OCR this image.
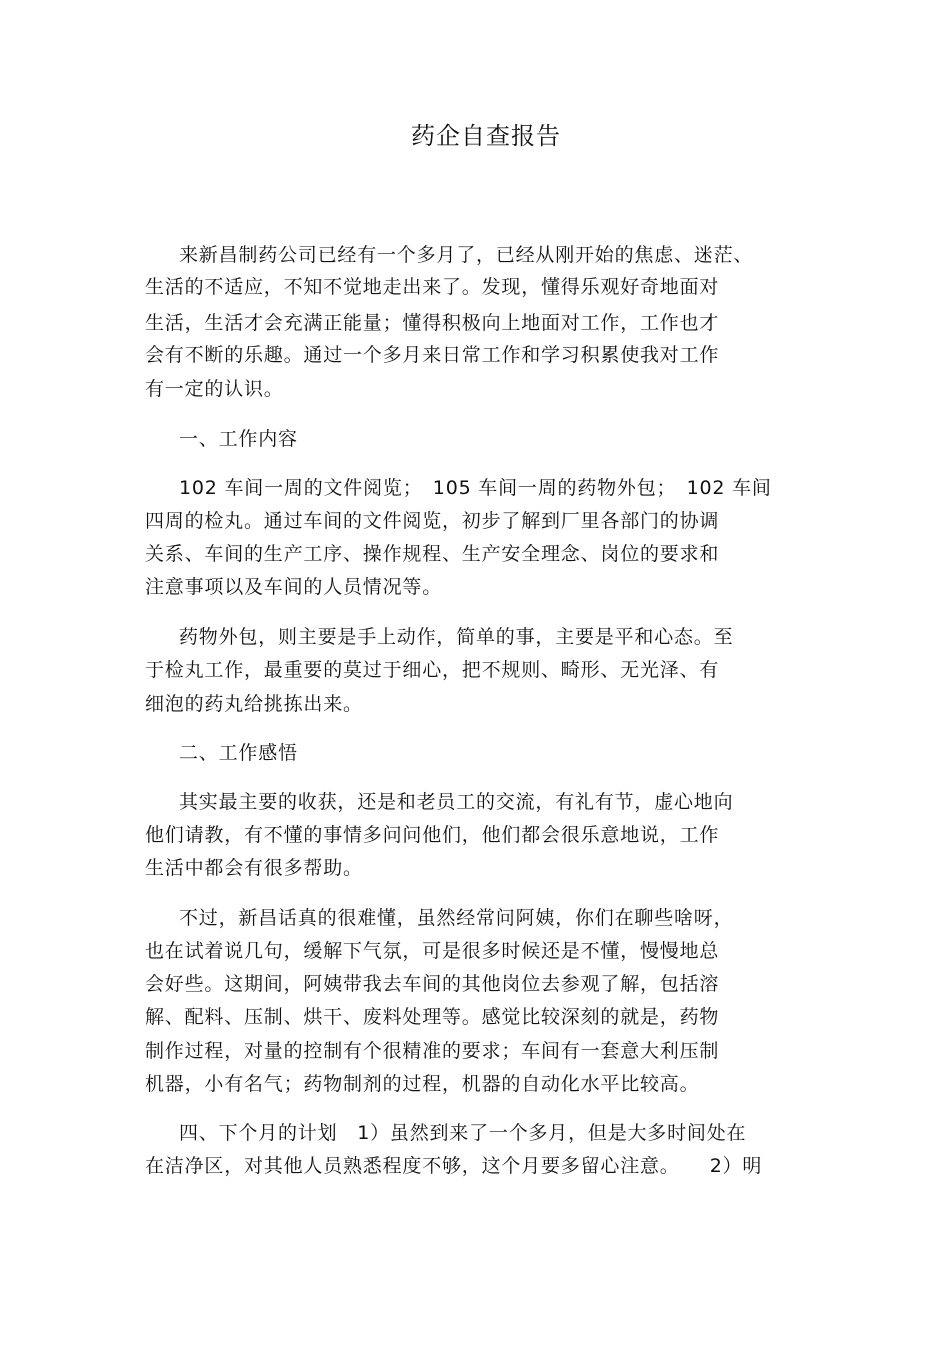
药企自查报告
来新昌制药公司已经有一个多月了，已经从刚开始的焦虑、迷茫、
生活的不适应，不知不觉地走出来了。发现，懂得乐观好奇地面对
生活，生活才会充满正能量；懂得积极向上地面对工作，工作也才
会有不断的乐趣。通过一个多月来日常工作和学习积累使我对工作
有一定的认识。
一、工作内容
102 车间一周的文件阅览；　105 车间一周的药物外包；　102 车间
四周的检丸。通过车间的文件阅览，初步了解到厂里各部门的协调
关系、车间的生产工序、操作规程、生产安全理念、岗位的要求和
注意事项以及车间的人员情况等。
药物外包，则主要是手上动作，简单的事，主要是平和心态。至
于检丸工作，最重要的莫过于细心，把不规则、畸形、无光泽、有
细泡的药丸给挑拣出来。
二、工作感悟
其实最主要的收获，还是和老员工的交流，有礼有节，虚心地向
他们请教，有不懂的事情多问问他们，他们都会很乐意地说，工作
生活中都会有很多帮助。
不过，新昌话真的很难懂，虽然经常问阿姨，你们在聊些啥呀，
也在试着说几句，缓解下气氛，可是很多时候还是不懂，慢慢地总
会好些。这期间，阿姨带我去车间的其他岗位去参观了解，包括溶
解、配料、压制、烘干、废料处理等。感觉比较深刻的就是，药物
制作过程，对量的控制有个很精准的要求；车间有一套意大利压制
机器，小有名气；药物制剂的过程，机器的自动化水平比较高。
四、下个月的计划　1）虽然到来了一个多月，但是大多时间处在
在洁净区，对其他人员熟悉程度不够，这个月要多留心注意。　　2）明
